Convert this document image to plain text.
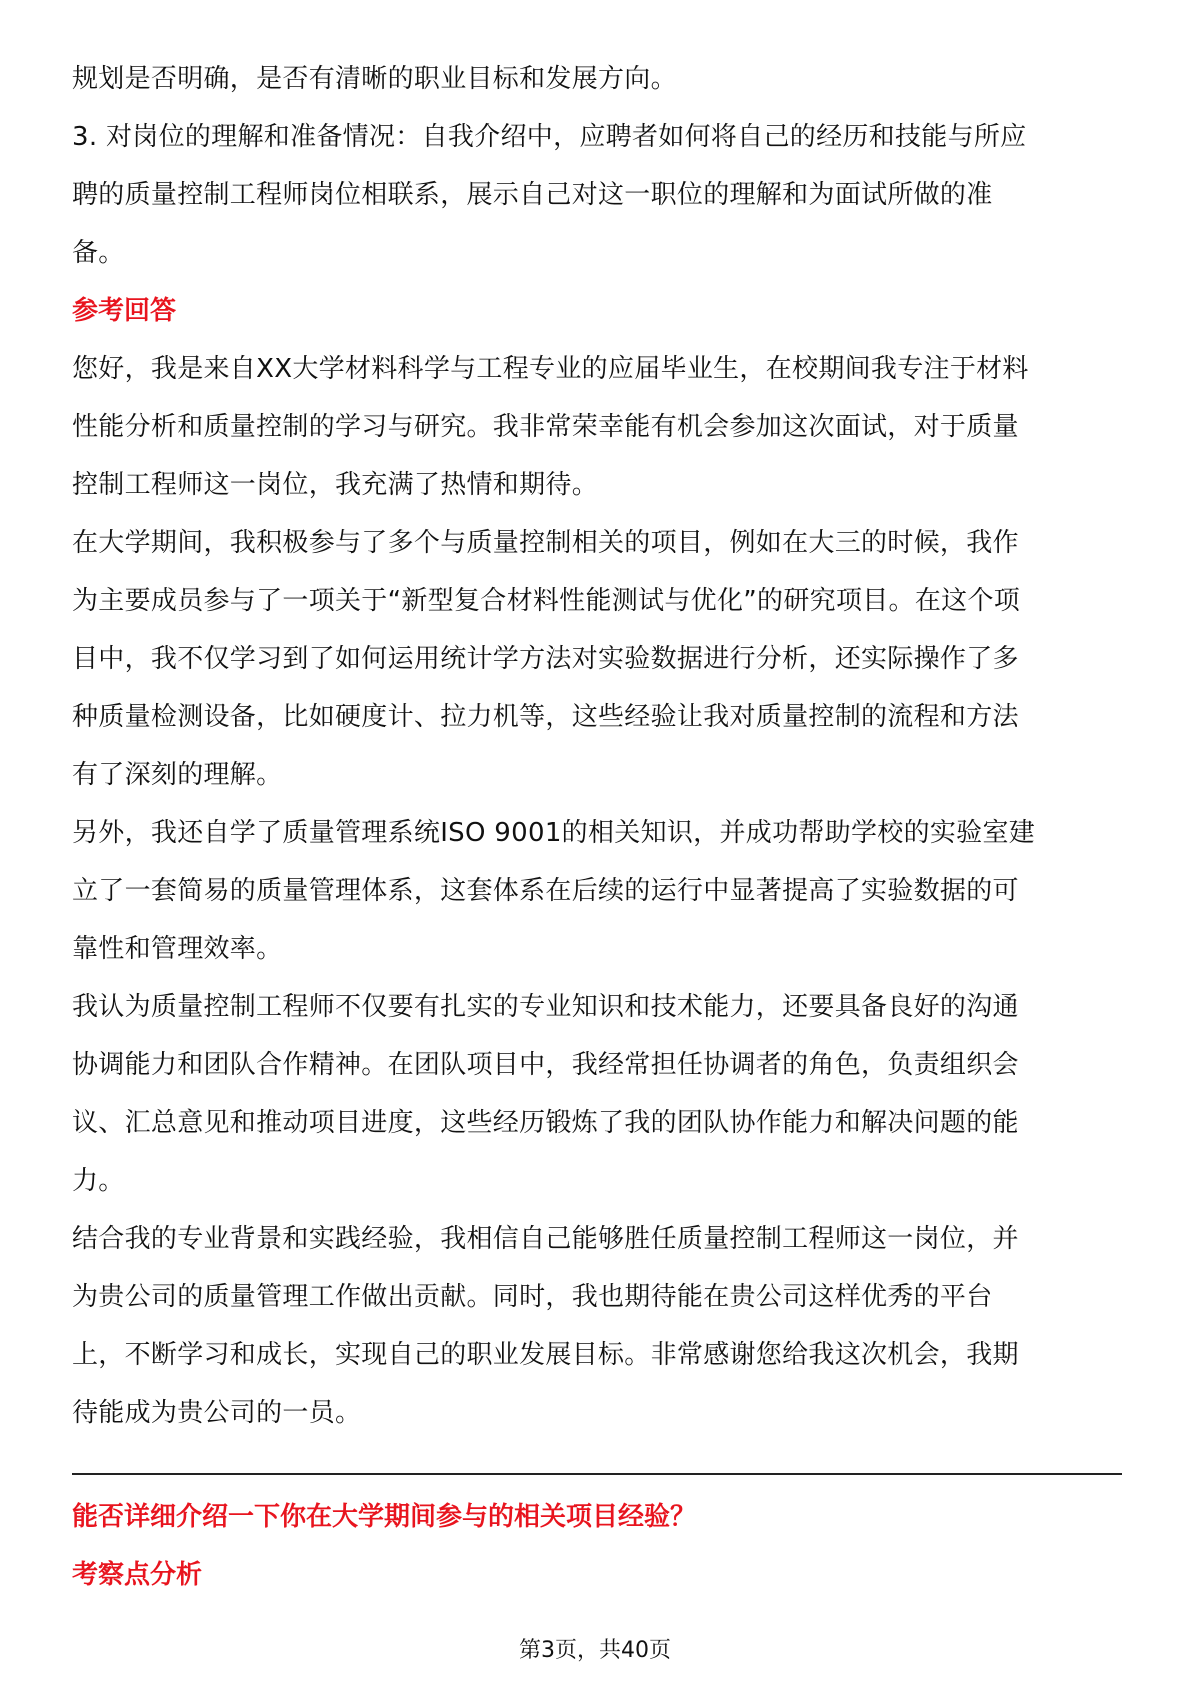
规划是否明确，是否有清晰的职业目标和发展方向。

3. 对岗位的理解和准备情况：自我介绍中，应聘者如何将自己的经历和技能与所应
聘的质量控制工程师岗位相联系，展示自己对这一职位的理解和为面试所做的准
备。

参考回答

您好，我是来自XX大学材料科学与工程专业的应届毕业生，在校期间我专注于材料
性能分析和质量控制的学习与研究。我非常荣幸能有机会参加这次面试，对于质量
控制工程师这一岗位，我充满了热情和期待。

在大学期间，我积极参与了多个与质量控制相关的项目，例如在大三的时候，我作
为主要成员参与了一项关于“新型复合材料性能测试与优化”的研究项目。在这个项
目中，我不仅学习到了如何运用统计学方法对实验数据进行分析，还实际操作了多
种质量检测设备，比如硬度计、拉力机等，这些经验让我对质量控制的流程和方法
有了深刻的理解。

另外，我还自学了质量管理系统ISO 9001的相关知识，并成功帮助学校的实验室建
立了一套简易的质量管理体系，这套体系在后续的运行中显著提高了实验数据的可
靠性和管理效率。

我认为质量控制工程师不仅要有扎实的专业知识和技术能力，还要具备良好的沟通
协调能力和团队合作精神。在团队项目中，我经常担任协调者的角色，负责组织会
议、汇总意见和推动项目进度，这些经历锻炼了我的团队协作能力和解决问题的能
力。

结合我的专业背景和实践经验，我相信自己能够胜任质量控制工程师这一岗位，并
为贵公司的质量管理工作做出贡献。同时，我也期待能在贵公司这样优秀的平台
上，不断学习和成长，实现自己的职业发展目标。非常感谢您给我这次机会，我期
待能成为贵公司的一员。

能否详细介绍一下你在大学期间参与的相关项目经验？

考察点分析

第3页，共40页
